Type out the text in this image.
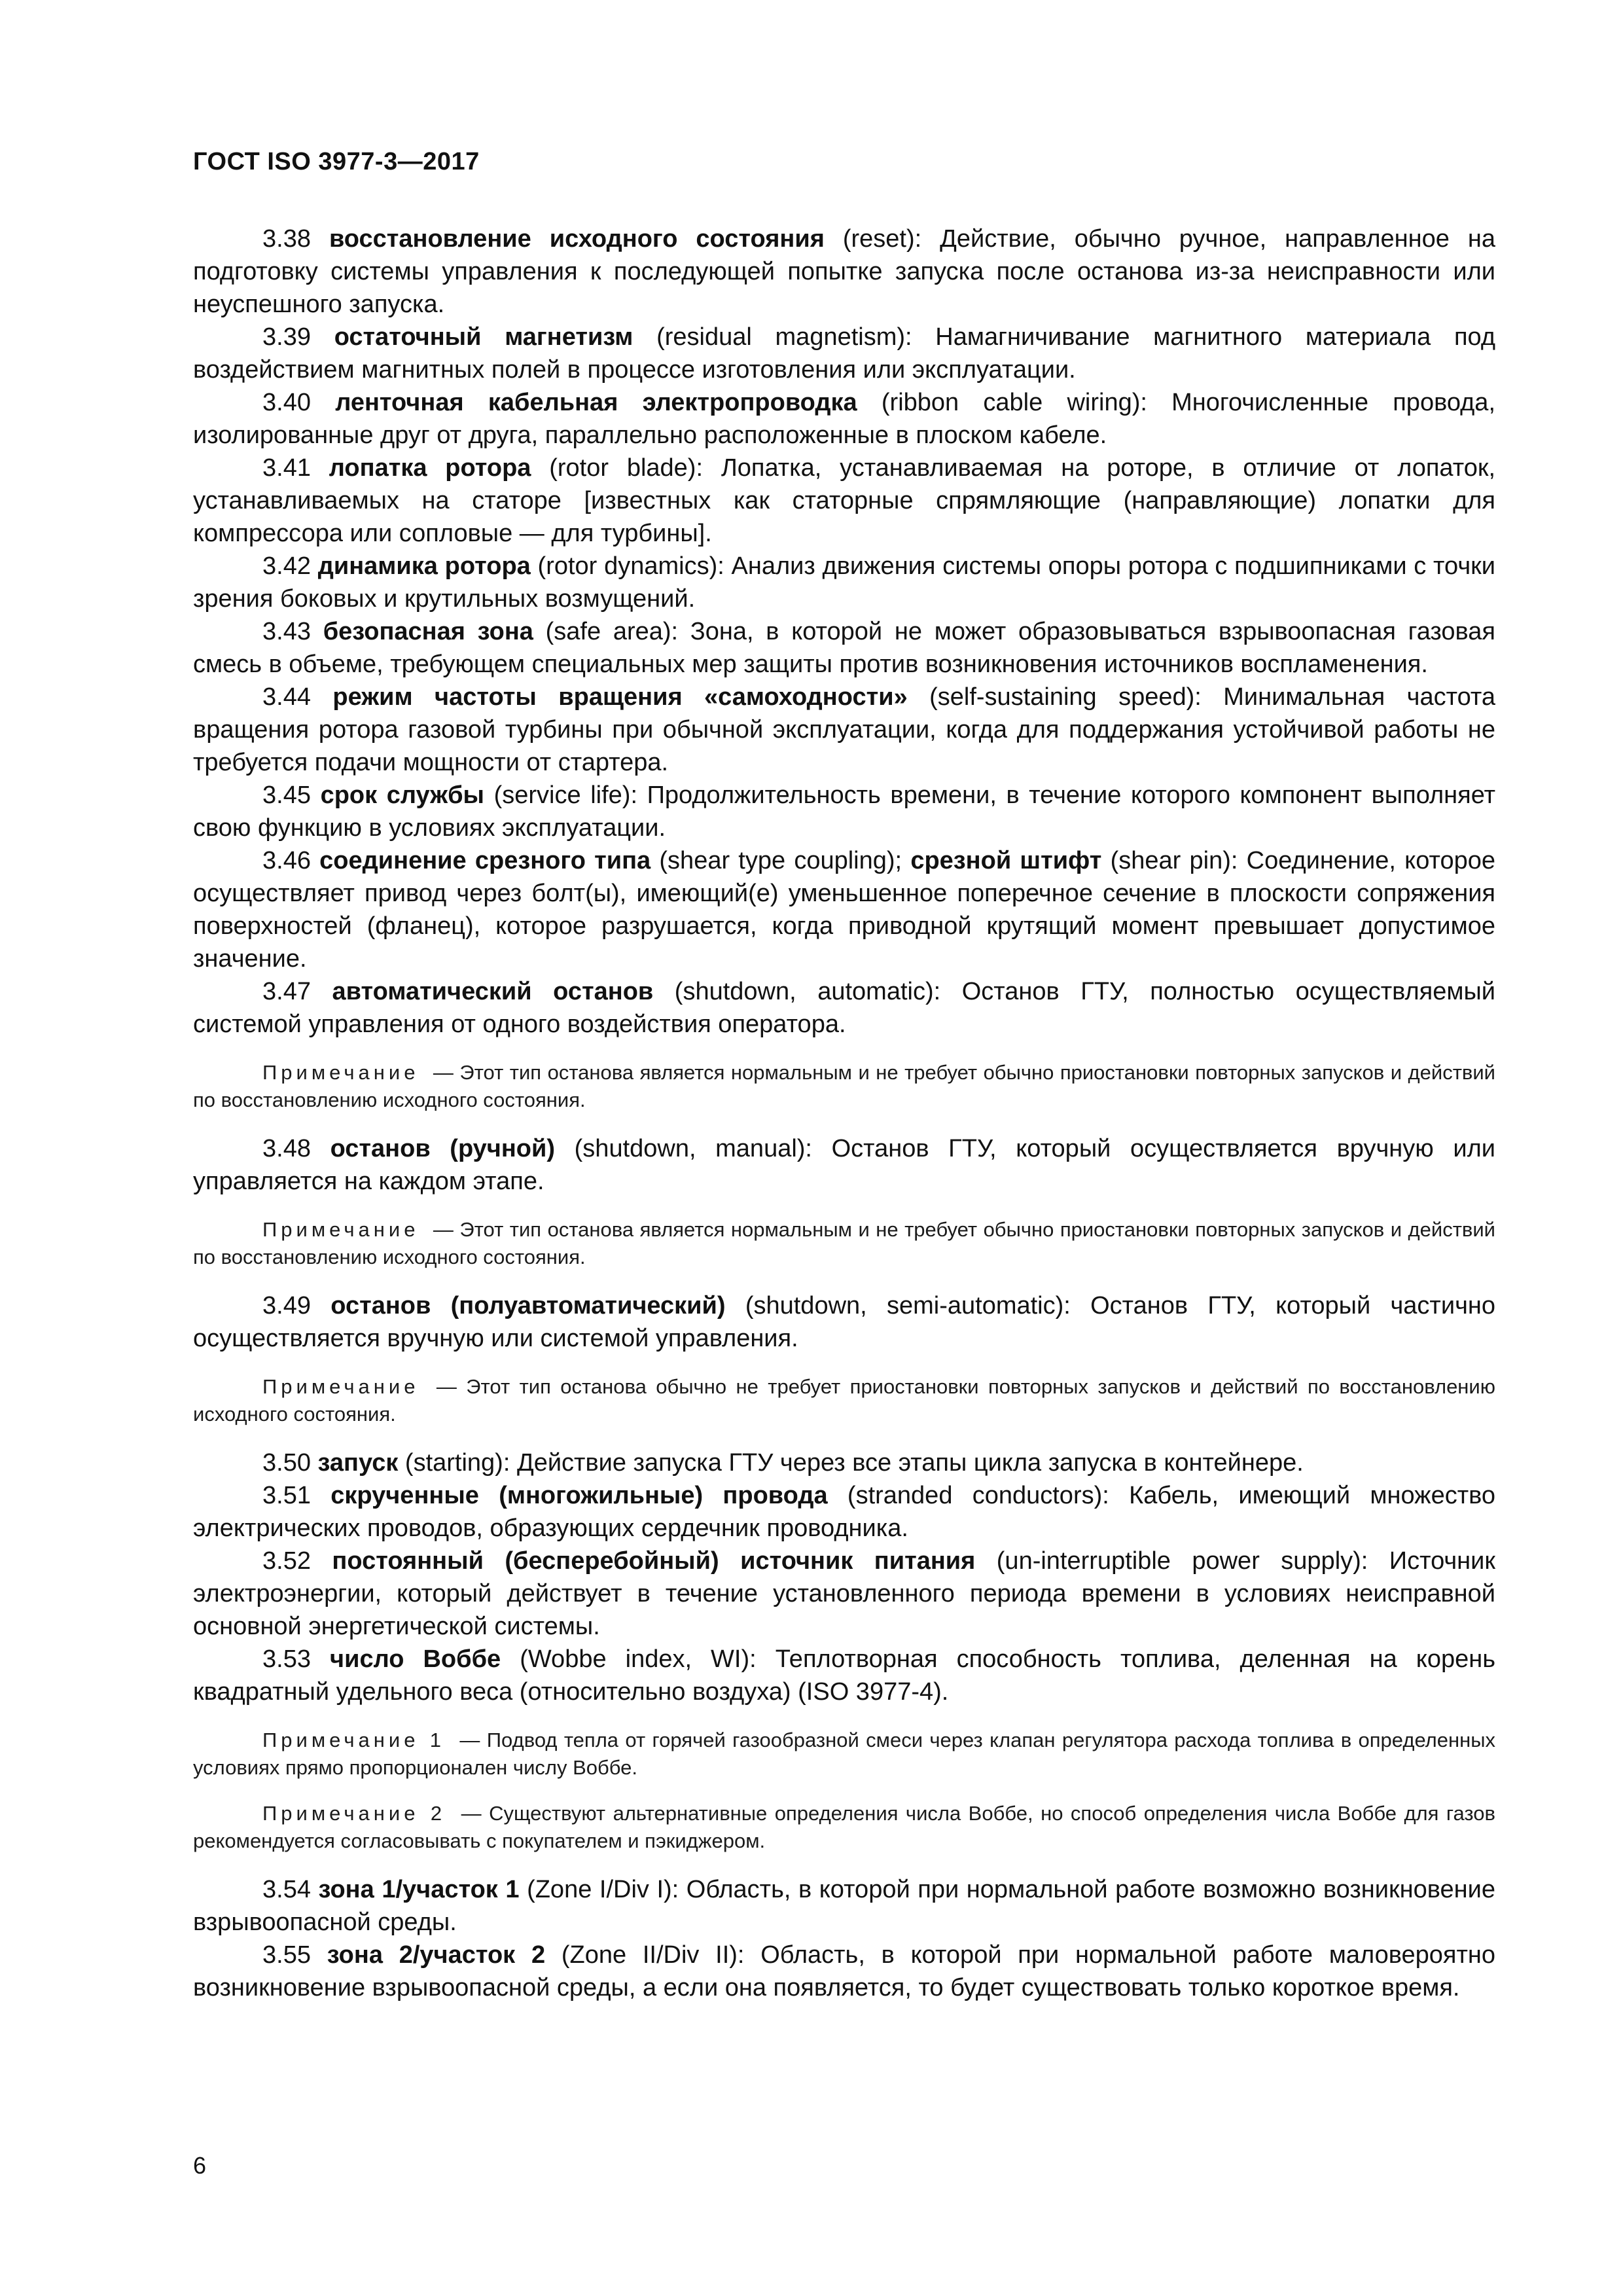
ГОСТ ISO 3977-3—2017

3.38 восстановление исходного состояния (reset): Действие, обычно ручное, направленное на подготовку системы управления к последующей попытке запуска после останова из-за неисправности или неуспешного запуска.

3.39 остаточный магнетизм (residual magnetism): Намагничивание магнитного материала под воздействием магнитных полей в процессе изготовления или эксплуатации.

3.40 ленточная кабельная электропроводка (ribbon cable wiring): Многочисленные провода, изолированные друг от друга, параллельно расположенные в плоском кабеле.

3.41 лопатка ротора (rotor blade): Лопатка, устанавливаемая на роторе, в отличие от лопаток, устанавливаемых на статоре [известных как статорные спрямляющие (направляющие) лопатки для компрессора или сопловые — для турбины].

3.42 динамика ротора (rotor dynamics): Анализ движения системы опоры ротора с подшипниками с точки зрения боковых и крутильных возмущений.

3.43 безопасная зона (safe area): Зона, в которой не может образовываться взрывоопасная газовая смесь в объеме, требующем специальных мер защиты против возникновения источников воспламенения.

3.44 режим частоты вращения «самоходности» (self-sustaining speed): Минимальная частота вращения ротора газовой турбины при обычной эксплуатации, когда для поддержания устойчивой работы не требуется подачи мощности от стартера.

3.45 срок службы (service life): Продолжительность времени, в течение которого компонент выполняет свою функцию в условиях эксплуатации.

3.46 соединение срезного типа (shear type coupling); срезной штифт (shear pin): Соединение, которое осуществляет привод через болт(ы), имеющий(е) уменьшенное поперечное сечение в плоскости сопряжения поверхностей (фланец), которое разрушается, когда приводной крутящий момент превышает допустимое значение.

3.47 автоматический останов (shutdown, automatic): Останов ГТУ, полностью осуществляемый системой управления от одного воздействия оператора.

Примечание — Этот тип останова является нормальным и не требует обычно приостановки повторных запусков и действий по восстановлению исходного состояния.

3.48 останов (ручной) (shutdown, manual): Останов ГТУ, который осуществляется вручную или управляется на каждом этапе.

Примечание — Этот тип останова является нормальным и не требует обычно приостановки повторных запусков и действий по восстановлению исходного состояния.

3.49 останов (полуавтоматический) (shutdown, semi-automatic): Останов ГТУ, который частично осуществляется вручную или системой управления.

Примечание — Этот тип останова обычно не требует приостановки повторных запусков и действий по восстановлению исходного состояния.

3.50 запуск (starting): Действие запуска ГТУ через все этапы цикла запуска в контейнере.

3.51 скрученные (многожильные) провода (stranded conductors): Кабель, имеющий множество электрических проводов, образующих сердечник проводника.

3.52 постоянный (бесперебойный) источник питания (un-interruptible power supply): Источник электроэнергии, который действует в течение установленного периода времени в условиях неисправной основной энергетической системы.

3.53 число Воббе (Wobbe index, WI): Теплотворная способность топлива, деленная на корень квадратный удельного веса (относительно воздуха) (ISO 3977-4).

Примечание 1 — Подвод тепла от горячей газообразной смеси через клапан регулятора расхода топлива в определенных условиях прямо пропорционален числу Воббе.

Примечание 2 — Существуют альтернативные определения числа Воббе, но способ определения числа Воббе для газов рекомендуется согласовывать с покупателем и пэкиджером.

3.54 зона 1/участок 1 (Zone I/Div I): Область, в которой при нормальной работе возможно возникновение взрывоопасной среды.

3.55 зона 2/участок 2 (Zone II/Div II): Область, в которой при нормальной работе маловероятно возникновение взрывоопасной среды, а если она появляется, то будет существовать только короткое время.

6
